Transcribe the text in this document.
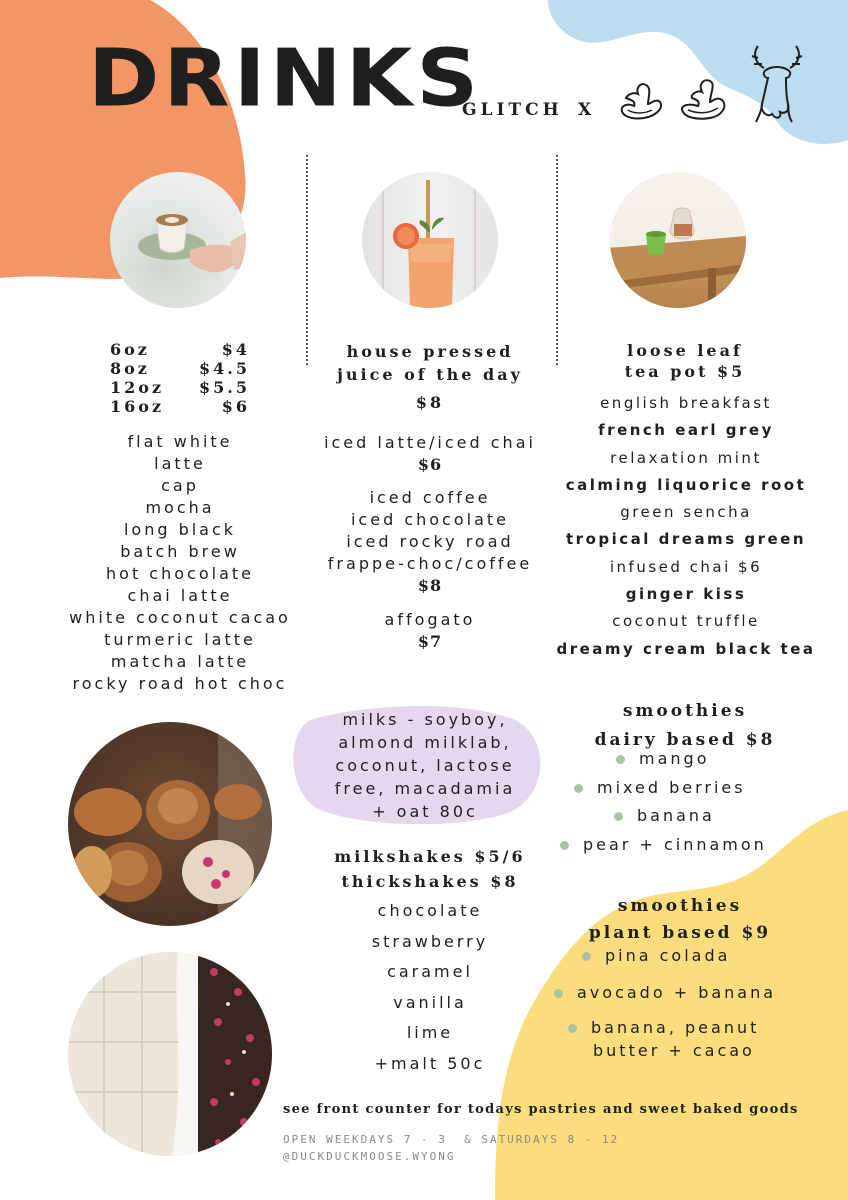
DRINKS
GLITCH X
6oz	$4
8oz	$4.5
12oz $5.5
16oz	$6
flat white
latte
cap
mocha
long black
batch brew
hot chocolate
chai latte
white coconut cacao
turmeric latte
matcha latte
rocky road hot choc
house pressed
juice of the day
$8
iced latte/iced chai
$6
iced coffee
iced chocolate
iced rocky road
frappe-choc/coffee
$8
affogato
$7
loose leaf
tea pot $5
english breakfast
french earl grey
relaxation mint
calming liquorice root
green sencha
tropical dreams green
infused chai $6
ginger kiss
coconut truffle
dreamy cream black tea
milks - soyboy,
almond milklab,
coconut, lactose
free, macadamia
+ oat 80c
milkshakes $5/6
thickshakes $8
chocolate
strawberry
caramel
vanilla
lime
+malt 50c
smoothies
dairy based $8
mango
mixed berries
banana
pear + cinnamon
smoothies
plant based $9
pina colada
avocado + banana
banana, peanut
butter + cacao
see front counter for todays pastries and sweet baked goods
OPEN WEEKDAYS 7 - 3  & SATURDAYS 8 - 12
@DUCKDUCKMOOSE.WYONG
